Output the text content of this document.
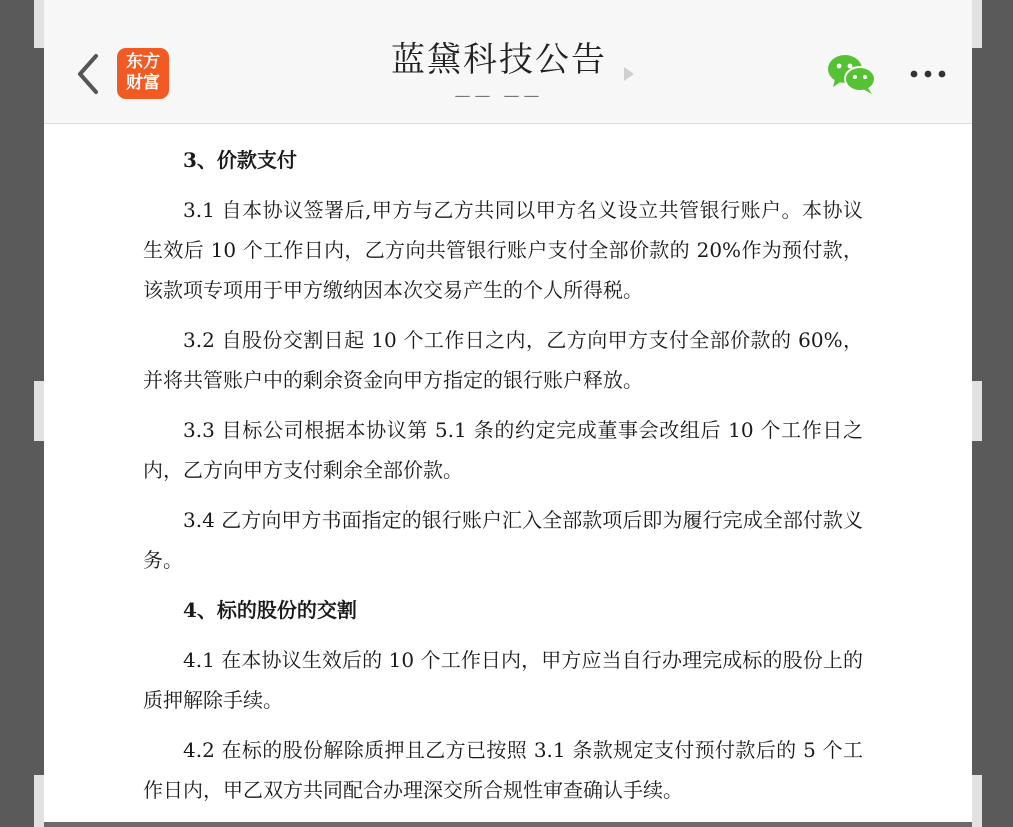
东方
财富
蓝黛科技公告
—— ——
3、价款支付

3.1 自本协议签署后,甲方与乙方共同以甲方名义设立共管银行账户。本协议生效后 10 个工作日内，乙方向共管银行账户支付全部价款的 20%作为预付款，该款项专项用于甲方缴纳因本次交易产生的个人所得税。

3.2 自股份交割日起 10 个工作日之内，乙方向甲方支付全部价款的 60%，并将共管账户中的剩余资金向甲方指定的银行账户释放。

3.3 目标公司根据本协议第 5.1 条的约定完成董事会改组后 10 个工作日之内，乙方向甲方支付剩余全部价款。

3.4 乙方向甲方书面指定的银行账户汇入全部款项后即为履行完成全部付款义务。

4、标的股份的交割

4.1 在本协议生效后的 10 个工作日内，甲方应当自行办理完成标的股份上的质押解除手续。

4.2 在标的股份解除质押且乙方已按照 3.1 条款规定支付预付款后的 5 个工作日内，甲乙双方共同配合办理深交所合规性审查确认手续。
